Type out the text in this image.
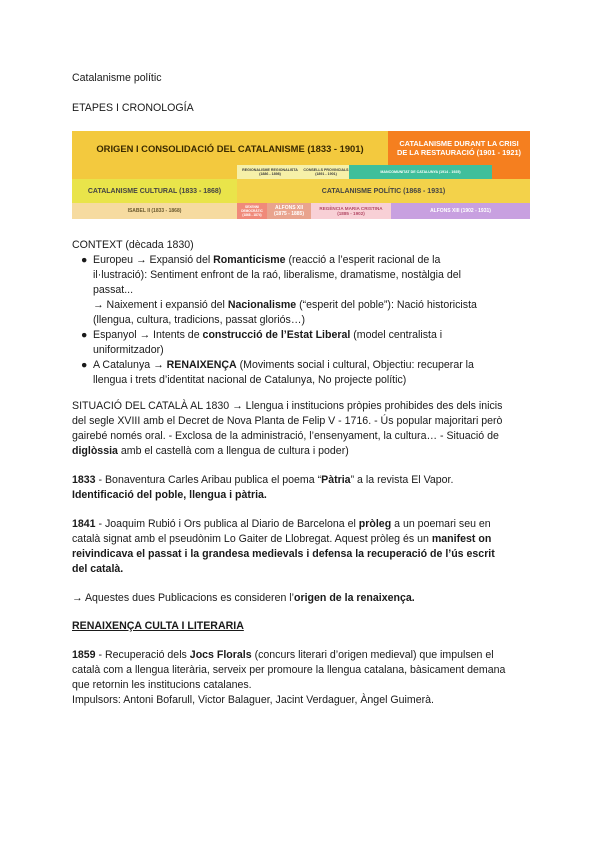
Catalanisme polític
ETAPES I CRONOLOGÍA
ORIGEN I CONSOLIDACIÓ DEL CATALANISME (1833 - 1901)	CATALANISME DURANT LA CRISI
DE LA RESTAURACIÓ (1901 - 1921)
REGIONALISME REGIONALISTA
(1886 - 1898)
CONSELLS PROVINCIALS
(1891 - 1901)	MANCOMUNITAT DE CATALUNYA (1914 - 1925)
CATALANISME CULTURAL (1833 - 1868)	CATALANISME POLÍTIC (1868 - 1931)
ISABEL II (1833 - 1868)
SEXENNI
DEMOCRÀTIC (1868 - 1874)
ALFONS XII
(1875 - 1885)
REGÈNCIA MARIA CRISTINA
(1885 - 1902)	ALFONS XIII (1902 - 1931)
CONTEXT (dècada 1830)
● Europeu → Expansió del Romanticisme (reacció a l’esperit racional de la
il·lustració): Sentiment enfront de la raó, liberalisme, dramatisme, nostàlgia del
passat...
→ Naixement i expansió del Nacionalisme (“esperit del poble”): Nació historicista
(llengua, cultura, tradicions, passat gloriós…)
● Espanyol → Intents de construcció de l’Estat Liberal (model centralista i
uniformitzador)
● A Catalunya → RENAIXENÇA (Moviments social i cultural, Objectiu: recuperar la
llengua i trets d’identitat nacional de Catalunya, No projecte polític)
SITUACIÓ DEL CATALÀ AL 1830 → Llengua i institucions pròpies prohibides des dels inicis
del segle XVIII amb el Decret de Nova Planta de Felip V - 1716. - Ús popular majoritari però
gairebé només oral. - Exclosa de la administració, l’ensenyament, la cultura… - Situació de
diglòssia amb el castellà com a llengua de cultura i poder)
1833 - Bonaventura Carles Aribau publica el poema “Pàtria” a la revista El Vapor.
Identificació del poble, llengua i pàtria.
1841 - Joaquim Rubió i Ors publica al Diario de Barcelona el pròleg a un poemari seu en
català signat amb el pseudònim Lo Gaiter de Llobregat. Aquest pròleg és un manifest on
reivindicava el passat i la grandesa medievals i defensa la recuperació de l’ús escrit
del català.
→ Aquestes dues Publicacions es consideren l’origen de la renaixença.
RENAIXENÇA CULTA I LITERARIA
1859 - Recuperació dels Jocs Florals (concurs literari d’origen medieval) que impulsen el
català com a llengua literària, serveix per promoure la llengua catalana, bàsicament demana
que retornin les institucions catalanes.
Impulsors: Antoni Bofarull, Victor Balaguer, Jacint Verdaguer, Àngel Guimerà.
